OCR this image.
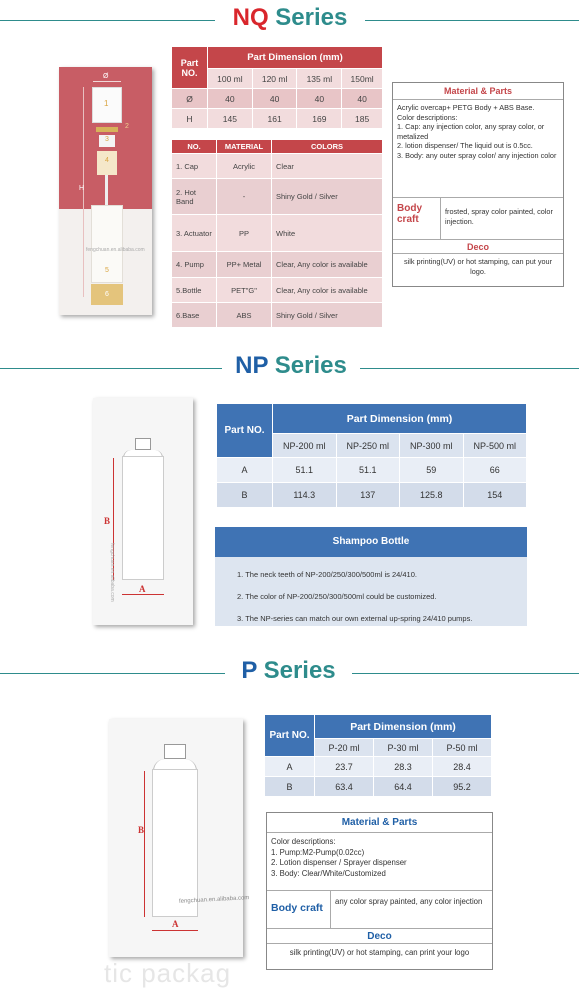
NQ Series
Ø
1
2
3
4
H
5
fengchuan.en.alibaba.com
6
Part NO.	Part Dimension (mm)			
	100 ml	120 ml	135 ml	150ml
Ø	40	40	40	40
H	145	161	169	185
NO.	MATERIAL	COLORS
1. Cap	Acrylic	Clear
2. Hot Band	-	Shiny Gold / Silver
3. Actuator	PP	White
4. Pump	PP+ Metal	Clear, Any color is available
5.Bottle	PET"G"	Clear, Any color is available
6.Base	ABS	Shiny Gold / Silver
Material & Parts
Acrylic overcap+ PETG Body + ABS Base.
Color descriptions:
1. Cap: any injection color, any spray color, or metalized
2. lotion dispenser/ The liquid out is 0.5cc.
3. Body: any outer spray color/ any injection color
Body craft
frosted, spray color painted, color injection.
Deco
silk printing(UV) or hot stamping, can put your logo.
NP Series
B
A
fengchuan.en.alibaba.com
Part NO.	Part Dimension (mm)			
	NP-200 ml	NP-250 ml	NP-300 ml	NP-500 ml
A	51.1	51.1	59	66
B	114.3	137	125.8	154
Shampoo Bottle
1. The neck teeth of NP-200/250/300/500ml is 24/410.
2. The color of NP-200/250/300/500ml could be customized.
3. The NP-series can match our own external up-spring 24/410 pumps.
P Series
B
A
fengchuan.en.alibaba.com
Part NO.	Part Dimension (mm)		
	P-20 ml	P-30 ml	P-50 ml
A	23.7	28.3	28.4
B	63.4	64.4	95.2
Material & Parts
Color descriptions:
1. Pump:M2-Pump(0.02cc)
2. Lotion dispenser / Sprayer dispenser
3. Body: Clear/White/Customized
Body craft
any color spray painted, any color injection
Deco
silk printing(UV) or hot stamping, can print your logo
tic packag
